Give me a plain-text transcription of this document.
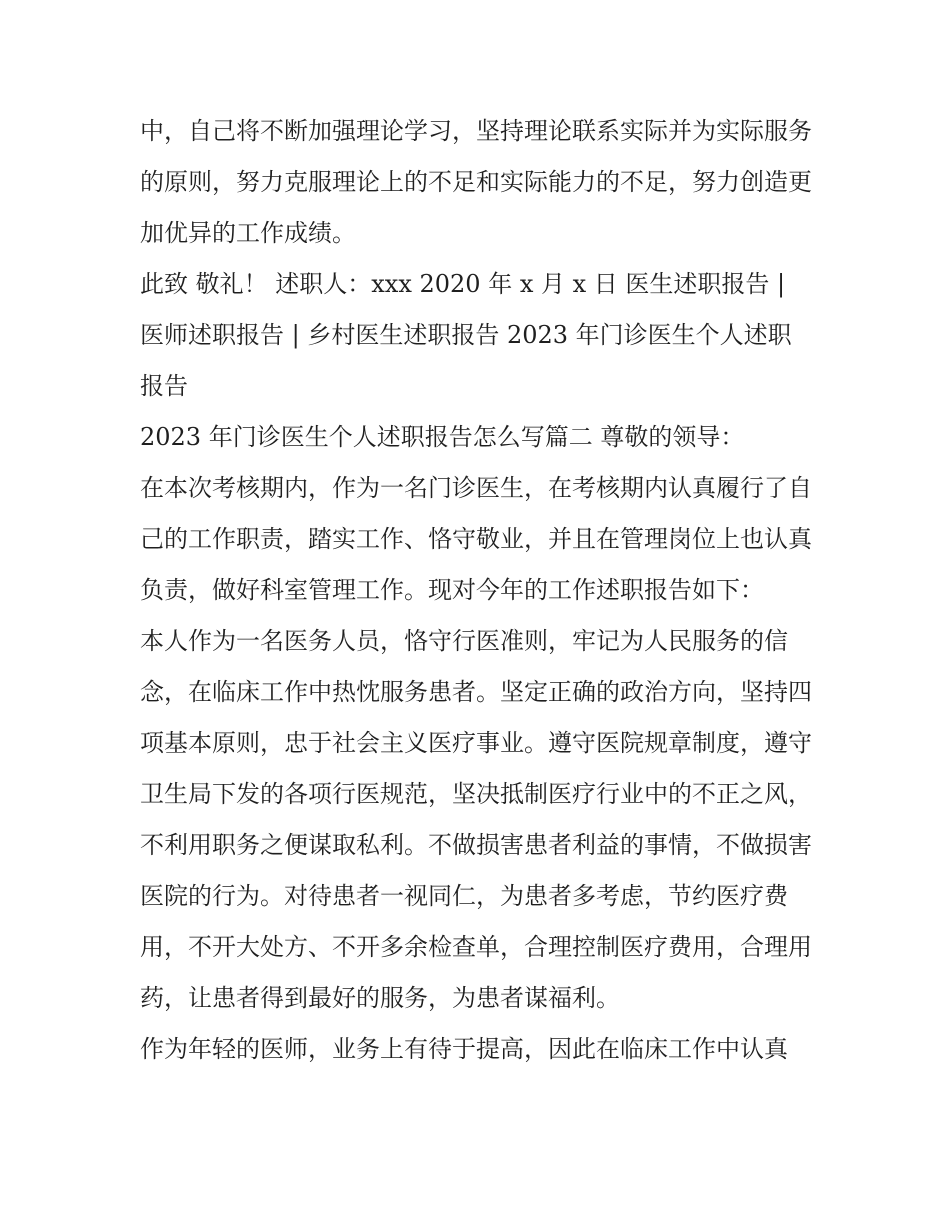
中，自己将不断加强理论学习，坚持理论联系实际并为实际服务的原则，努力克服理论上的不足和实际能力的不足，努力创造更加优异的工作成绩。

此致 敬礼！ 述职人：xxx 2020 年 x 月 x 日 医生述职报告 | 医师述职报告 | 乡村医生述职报告 2023 年门诊医生个人述职报告

2023 年门诊医生个人述职报告怎么写篇二 尊敬的领导：

在本次考核期内，作为一名门诊医生，在考核期内认真履行了自己的工作职责，踏实工作、恪守敬业，并且在管理岗位上也认真负责，做好科室管理工作。现对今年的工作述职报告如下：

本人作为一名医务人员，恪守行医准则，牢记为人民服务的信念，在临床工作中热忱服务患者。坚定正确的政治方向，坚持四项基本原则，忠于社会主义医疗事业。遵守医院规章制度，遵守卫生局下发的各项行医规范，坚决抵制医疗行业中的不正之风，不利用职务之便谋取私利。不做损害患者利益的事情，不做损害医院的行为。对待患者一视同仁，为患者多考虑，节约医疗费用，不开大处方、不开多余检查单，合理控制医疗费用，合理用药，让患者得到最好的服务，为患者谋福利。

作为年轻的医师，业务上有待于提高，因此在临床工作中认真
